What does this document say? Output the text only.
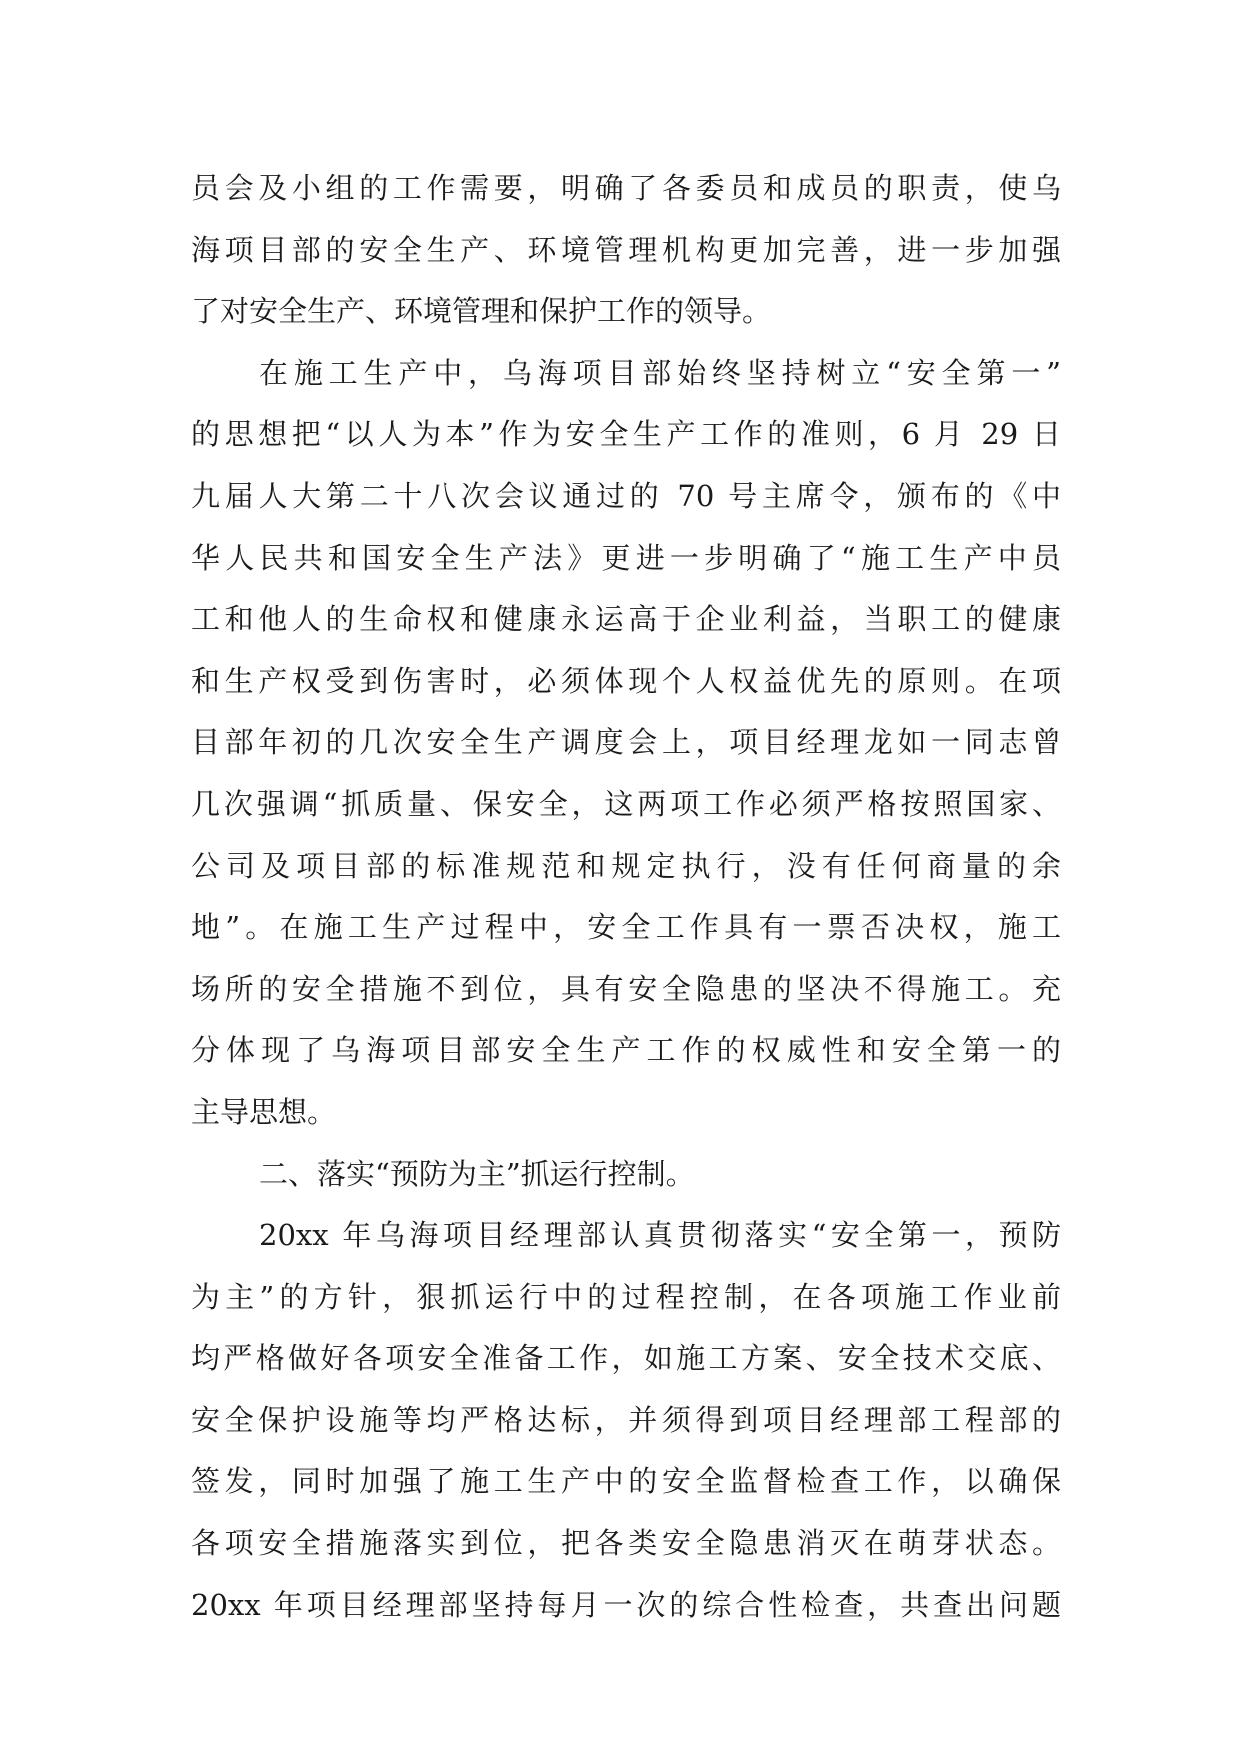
员会及小组的工作需要，明确了各委员和成员的职责，使乌
海项目部的安全生产、环境管理机构更加完善，进一步加强
了对安全生产、环境管理和保护工作的领导。
在施工生产中，乌海项目部始终坚持树立“安全第一”
的思想把“以人为本”作为安全生产工作的准则，6 月 29 日
九届人大第二十八次会议通过的 70 号主席令，颁布的《中
华人民共和国安全生产法》更进一步明确了“施工生产中员
工和他人的生命权和健康永运高于企业利益，当职工的健康
和生产权受到伤害时，必须体现个人权益优先的原则。在项
目部年初的几次安全生产调度会上，项目经理龙如一同志曾
几次强调“抓质量、保安全，这两项工作必须严格按照国家、
公司及项目部的标准规范和规定执行，没有任何商量的余
地”。在施工生产过程中，安全工作具有一票否决权，施工
场所的安全措施不到位，具有安全隐患的坚决不得施工。充
分体现了乌海项目部安全生产工作的权威性和安全第一的
主导思想。
二、落实“预防为主”抓运行控制。
20xx 年乌海项目经理部认真贯彻落实“安全第一，预防
为主”的方针，狠抓运行中的过程控制，在各项施工作业前
均严格做好各项安全准备工作，如施工方案、安全技术交底、
安全保护设施等均严格达标，并须得到项目经理部工程部的
签发，同时加强了施工生产中的安全监督检查工作，以确保
各项安全措施落实到位，把各类安全隐患消灭在萌芽状态。
20xx 年项目经理部坚持每月一次的综合性检查，共查出问题
